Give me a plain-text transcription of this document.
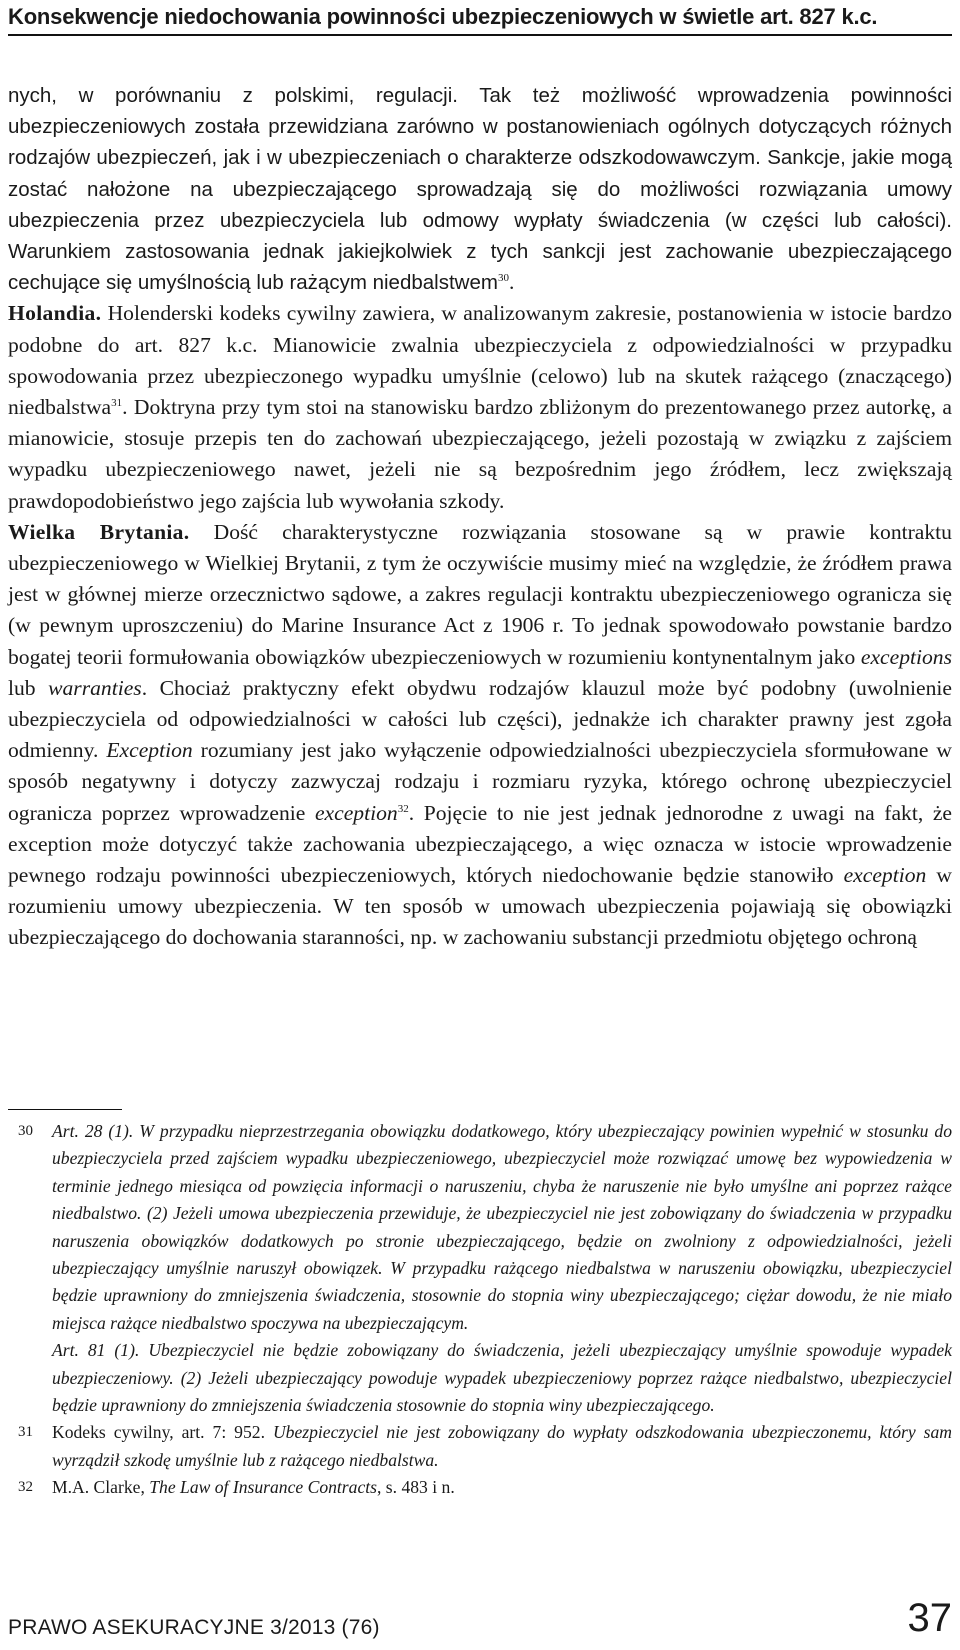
Konsekwencje niedochowania powinności ubezpieczeniowych w świetle art. 827 k.c.

nych, w porównaniu z polskimi, regulacji. Tak też możliwość wprowadzenia powinności ubezpieczeniowych została przewidziana zarówno w postanowieniach ogólnych dotyczących różnych rodzajów ubezpieczeń, jak i w ubezpieczeniach o charakterze odszkodowawczym. Sankcje, jakie mogą zostać nałożone na ubezpieczającego sprowadzają się do możliwości rozwiązania umowy ubezpieczenia przez ubezpieczyciela lub odmowy wypłaty świadczenia (w części lub całości). Warunkiem zastosowania jednak jakiejkolwiek z tych sankcji jest zachowanie ubezpieczającego cechujące się umyślnością lub rażącym niedbalstwem$^{30}$.

Holandia. Holenderski kodeks cywilny zawiera, w analizowanym zakresie, postanowienia w istocie bardzo podobne do art. 827 k.c. Mianowicie zwalnia ubezpieczyciela z odpowiedzialności w przypadku spowodowania przez ubezpieczonego wypadku umyślnie (celowo) lub na skutek rażącego (znaczącego) niedbalstwa$^{31}$. Doktryna przy tym stoi na stanowisku bardzo zbliżonym do prezentowanego przez autorkę, a mianowicie, stosuje przepis ten do zachowań ubezpieczającego, jeżeli pozostają w związku z zajściem wypadku ubezpieczeniowego nawet, jeżeli nie są bezpośrednim jego źródłem, lecz zwiększają prawdopodobieństwo jego zajścia lub wywołania szkody.

Wielka Brytania. Dość charakterystyczne rozwiązania stosowane są w prawie kontraktu ubezpieczeniowego w Wielkiej Brytanii, z tym że oczywiście musimy mieć na względzie, że źródłem prawa jest w głównej mierze orzecznictwo sądowe, a zakres regulacji kontraktu ubezpieczeniowego ogranicza się (w pewnym uproszczeniu) do Marine Insurance Act z 1906 r. To jednak spowodowało powstanie bardzo bogatej teorii formułowania obowiązków ubezpieczeniowych w rozumieniu kontynentalnym jako exceptions lub warranties. Chociaż praktyczny efekt obydwu rodzajów klauzul może być podobny (uwolnienie ubezpieczyciela od odpowiedzialności w całości lub części), jednakże ich charakter prawny jest zgoła odmienny. Exception rozumiany jest jako wyłączenie odpowiedzialności ubezpieczyciela sformułowane w sposób negatywny i dotyczy zazwyczaj rodzaju i rozmiaru ryzyka, którego ochronę ubezpieczyciel ogranicza poprzez wprowadzenie exception$^{32}$. Pojęcie to nie jest jednak jednorodne z uwagi na fakt, że exception może dotyczyć także zachowania ubezpieczającego, a więc oznacza w istocie wprowadzenie pewnego rodzaju powinności ubezpieczeniowych, których niedochowanie będzie stanowiło exception w rozumieniu umowy ubezpieczenia. W ten sposób w umowach ubezpieczenia pojawiają się obowiązki ubezpieczającego do dochowania staranności, np. w zachowaniu substancji przedmiotu objętego ochroną

30 Art. 28 (1). W przypadku nieprzestrzegania obowiązku dodatkowego, który ubezpieczający powinien wypełnić w stosunku do ubezpieczyciela przed zajściem wypadku ubezpieczeniowego, ubezpieczyciel może rozwiązać umowę bez wypowiedzenia w terminie jednego miesiąca od powzięcia informacji o naruszeniu, chyba że naruszenie nie było umyślne ani poprzez rażące niedbalstwo. (2) Jeżeli umowa ubezpieczenia przewiduje, że ubezpieczyciel nie jest zobowiązany do świadczenia w przypadku naruszenia obowiązków dodatkowych po stronie ubezpieczającego, będzie on zwolniony z odpowiedzialności, jeżeli ubezpieczający umyślnie naruszył obowiązek. W przypadku rażącego niedbalstwa w naruszeniu obowiązku, ubezpieczyciel będzie uprawniony do zmniejszenia świadczenia, stosownie do stopnia winy ubezpieczającego; ciężar dowodu, że nie miało miejsca rażące niedbalstwo spoczywa na ubezpieczającym.
Art. 81 (1). Ubezpieczyciel nie będzie zobowiązany do świadczenia, jeżeli ubezpieczający umyślnie spowoduje wypadek ubezpieczeniowy. (2) Jeżeli ubezpieczający powoduje wypadek ubezpieczeniowy poprzez rażące niedbalstwo, ubezpieczyciel będzie uprawniony do zmniejszenia świadczenia stosownie do stopnia winy ubezpieczającego.
31 Kodeks cywilny, art. 7: 952. Ubezpieczyciel nie jest zobowiązany do wypłaty odszkodowania ubezpieczonemu, który sam wyrządził szkodę umyślnie lub z rażącego niedbalstwa.
32 M.A. Clarke, The Law of Insurance Contracts, s. 483 i n.
PRAWO ASEKURACYJNE 3/2013 (76)	37
